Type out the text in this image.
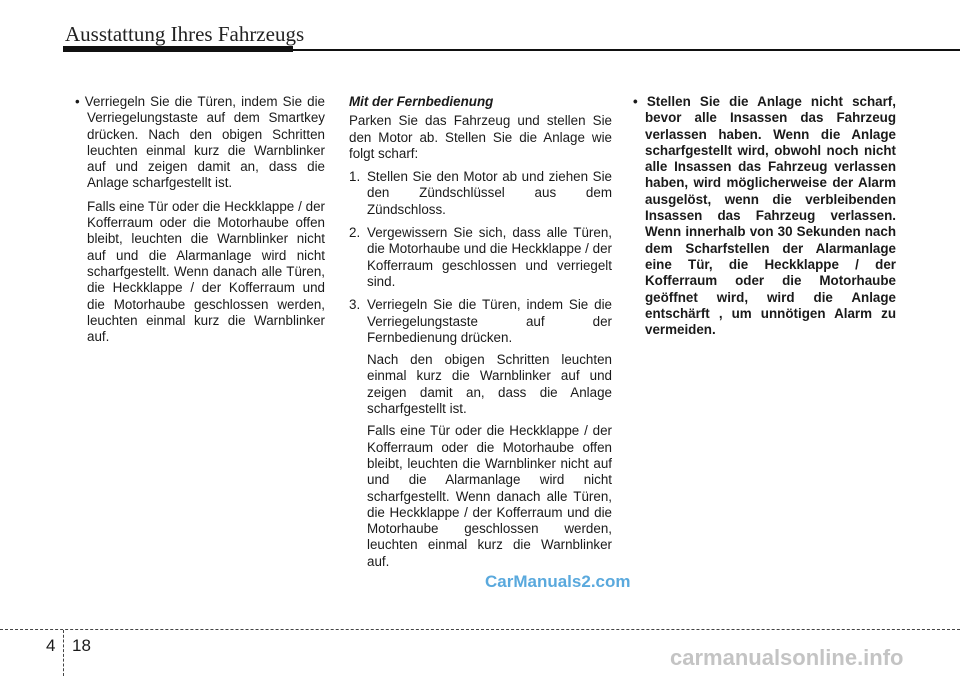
Ausstattung Ihres Fahrzeugs

• Verriegeln Sie die Türen, indem Sie die Verriegelungstaste auf dem Smartkey drücken. Nach den obigen Schritten leuchten einmal kurz die Warnblinker auf und zeigen damit an, dass die Anlage scharfgestellt ist.

Falls eine Tür oder die Heckklappe / der Kofferraum oder die Motorhaube offen bleibt, leuchten die Warnblinker nicht auf und die Alarmanlage wird nicht scharfgestellt. Wenn danach alle Türen, die Heckklappe / der Kofferraum und die Motorhaube geschlossen werden, leuchten einmal kurz die Warnblinker auf.

Mit der Fernbedienung

Parken Sie das Fahrzeug und stellen Sie den Motor ab. Stellen Sie die Anlage wie folgt scharf:

1. Stellen Sie den Motor ab und ziehen Sie den Zündschlüssel aus dem Zündschloss.

2. Vergewissern Sie sich, dass alle Türen, die Motorhaube und die Heckklappe / der Kofferraum geschlossen und verriegelt sind.

3. Verriegeln Sie die Türen, indem Sie die Verriegelungstaste auf der Fernbedienung drücken.

Nach den obigen Schritten leuchten einmal kurz die Warnblinker auf und zeigen damit an, dass die Anlage scharfgestellt ist.

Falls eine Tür oder die Heckklappe / der Kofferraum oder die Motorhaube offen bleibt, leuchten die Warnblinker nicht auf und die Alarmanlage wird nicht scharfgestellt. Wenn danach alle Türen, die Heckklappe / der Kofferraum und die Motorhaube geschlossen werden, leuchten einmal kurz die Warnblinker auf.

• Stellen Sie die Anlage nicht scharf, bevor alle Insassen das Fahrzeug verlassen haben. Wenn die Anlage scharfgestellt wird, obwohl noch nicht alle Insassen das Fahrzeug verlassen haben, wird möglicherweise der Alarm ausgelöst, wenn die verbleibenden Insassen das Fahrzeug verlassen. Wenn innerhalb von 30 Sekunden nach dem Scharfstellen der Alarmanlage eine Tür, die Heckklappe / der Kofferraum oder die Motorhaube geöffnet wird, wird die Anlage entschärft , um unnötigen Alarm zu vermeiden.

CarManuals2.com
4 18	carmanualsonline.info
